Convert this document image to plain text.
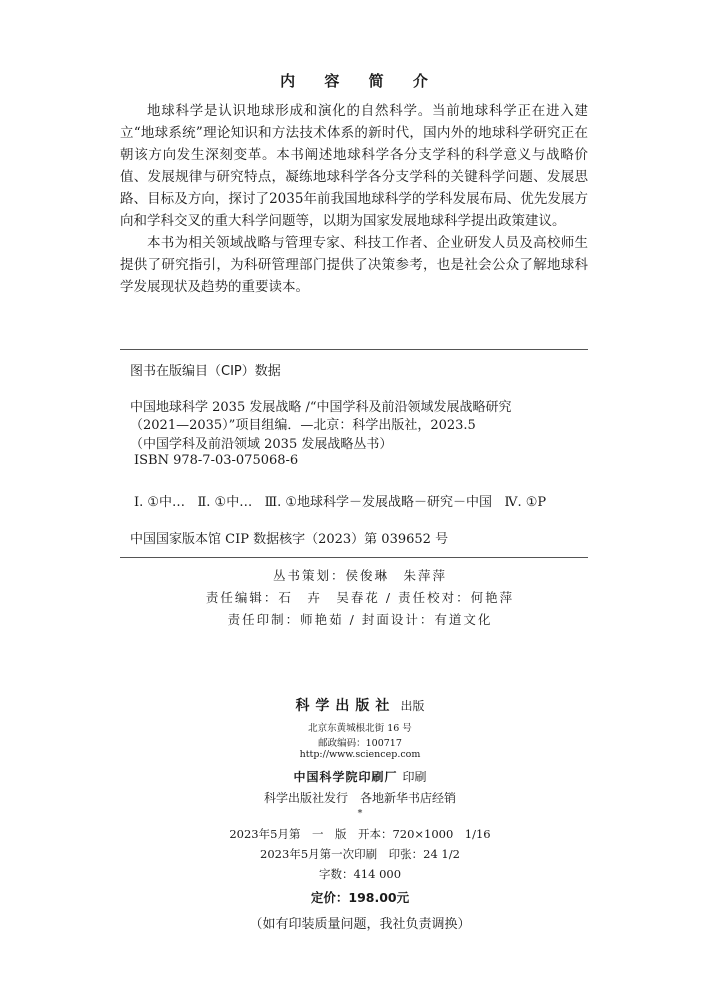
内 容 简 介

地球科学是认识地球形成和演化的自然科学。当前地球科学正在进入建立“地球系统”理论知识和方法技术体系的新时代，国内外的地球科学研究正在朝该方向发生深刻变革。本书阐述地球科学各分支学科的科学意义与战略价值、发展规律与研究特点，凝练地球科学各分支学科的关键科学问题、发展思路、目标及方向，探讨了2035年前我国地球科学的学科发展布局、优先发展方向和学科交叉的重大科学问题等，以期为国家发展地球科学提出政策建议。

本书为相关领域战略与管理专家、科技工作者、企业研发人员及高校师生提供了研究指引，为科研管理部门提供了决策参考，也是社会公众了解地球科学发展现状及趋势的重要读本。

图书在版编目（CIP）数据
中国地球科学 2035 发展战略 /“中国学科及前沿领域发展战略研究
（2021—2035）”项目组编．—北京：科学出版社，2023.5
（中国学科及前沿领域 2035 发展战略丛书）
ISBN 978-7-03-075068-6
Ⅰ. ①中…   Ⅱ. ①中…   Ⅲ. ①地球科学－发展战略－研究－中国   Ⅳ. ①P
中国国家版本馆 CIP 数据核字（2023）第 039652 号
丛书策划：侯俊琳　朱萍萍
责任编辑：石　卉　吴春花 / 责任校对：何艳萍
责任印制：师艳茹 / 封面设计：有道文化
科学出版社 出版
北京东黄城根北街 16 号
邮政编码：100717
http://www.sciencep.com
中国科学院印刷厂 印刷
科学出版社发行　各地新华书店经销
*
2023年5月第　一　版　开本：720×1000　1/16
2023年5月第一次印刷　印张：24 1/2
字数：414 000
定价：198.00元
（如有印装质量问题，我社负责调换）
